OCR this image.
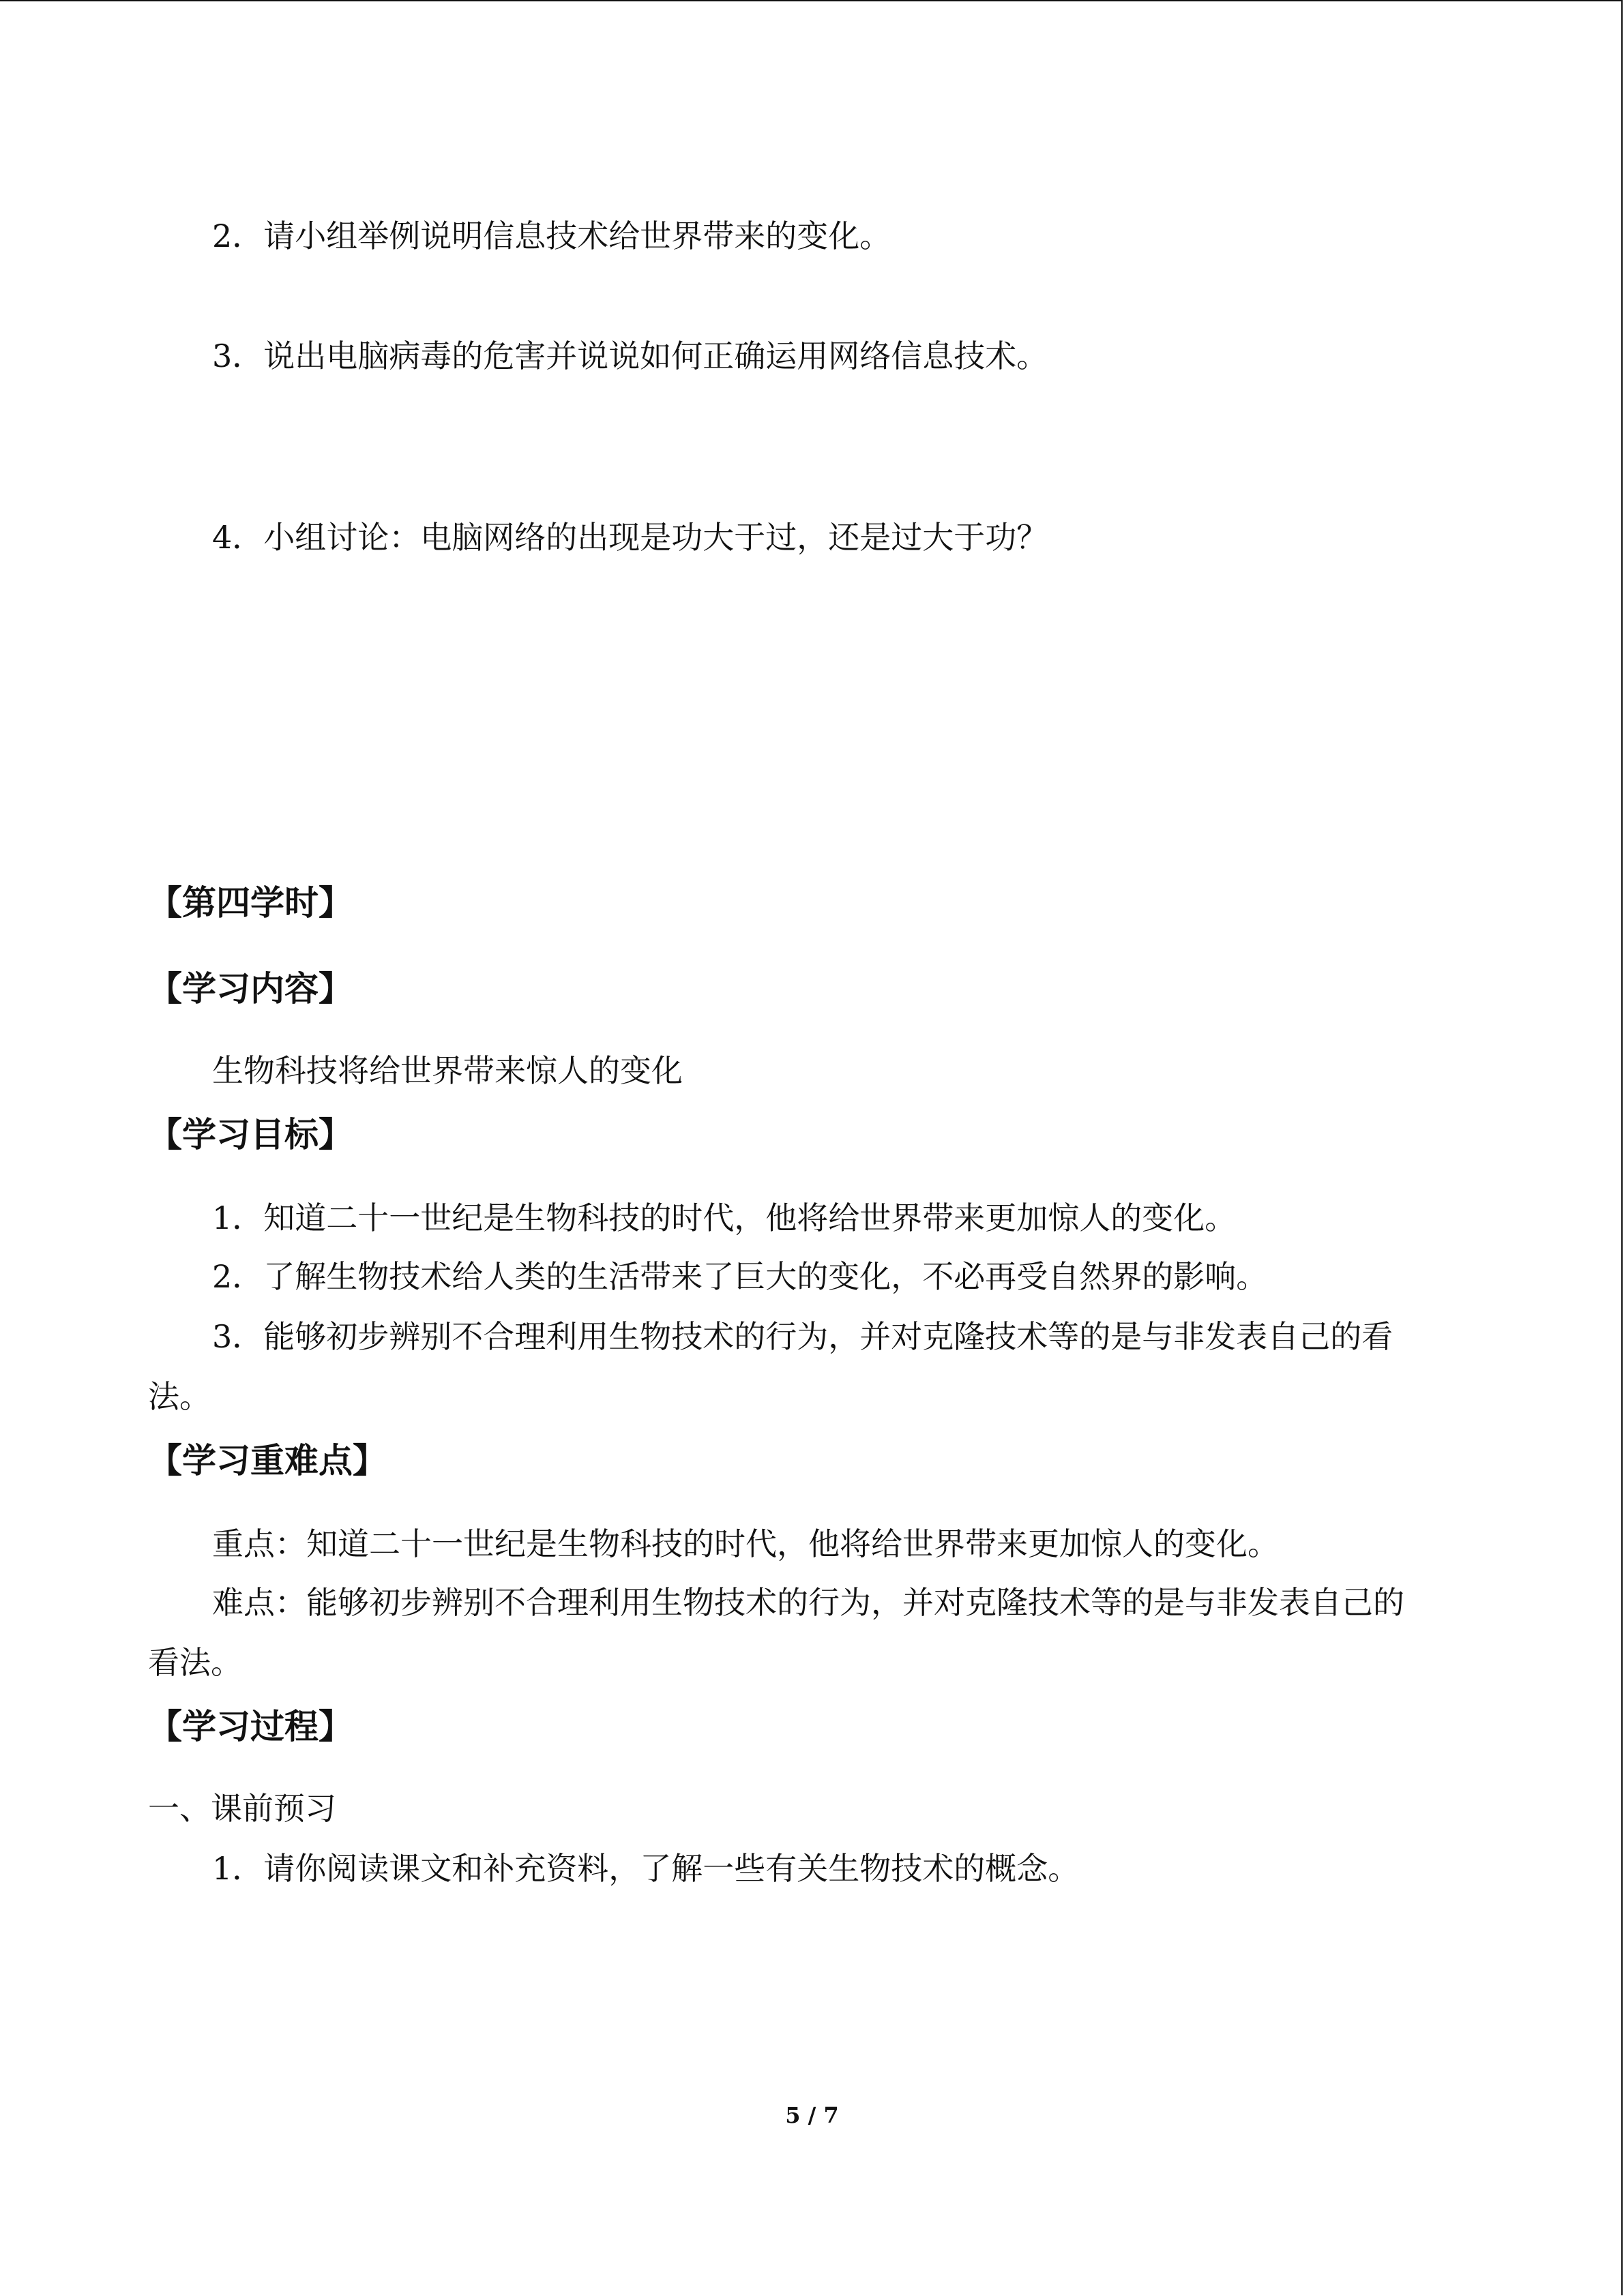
2．请小组举例说明信息技术给世界带来的变化。
3．说出电脑病毒的危害并说说如何正确运用网络信息技术。
4．小组讨论：电脑网络的出现是功大于过，还是过大于功？
【第四学时】
【学习内容】
生物科技将给世界带来惊人的变化
【学习目标】
1．知道二十一世纪是生物科技的时代，他将给世界带来更加惊人的变化。
2．了解生物技术给人类的生活带来了巨大的变化，不必再受自然界的影响。
3．能够初步辨别不合理利用生物技术的行为，并对克隆技术等的是与非发表自己的看
法。
【学习重难点】
重点：知道二十一世纪是生物科技的时代，他将给世界带来更加惊人的变化。
难点：能够初步辨别不合理利用生物技术的行为，并对克隆技术等的是与非发表自己的
看法。
【学习过程】
一、课前预习
1．请你阅读课文和补充资料，了解一些有关生物技术的概念。
5 / 7
